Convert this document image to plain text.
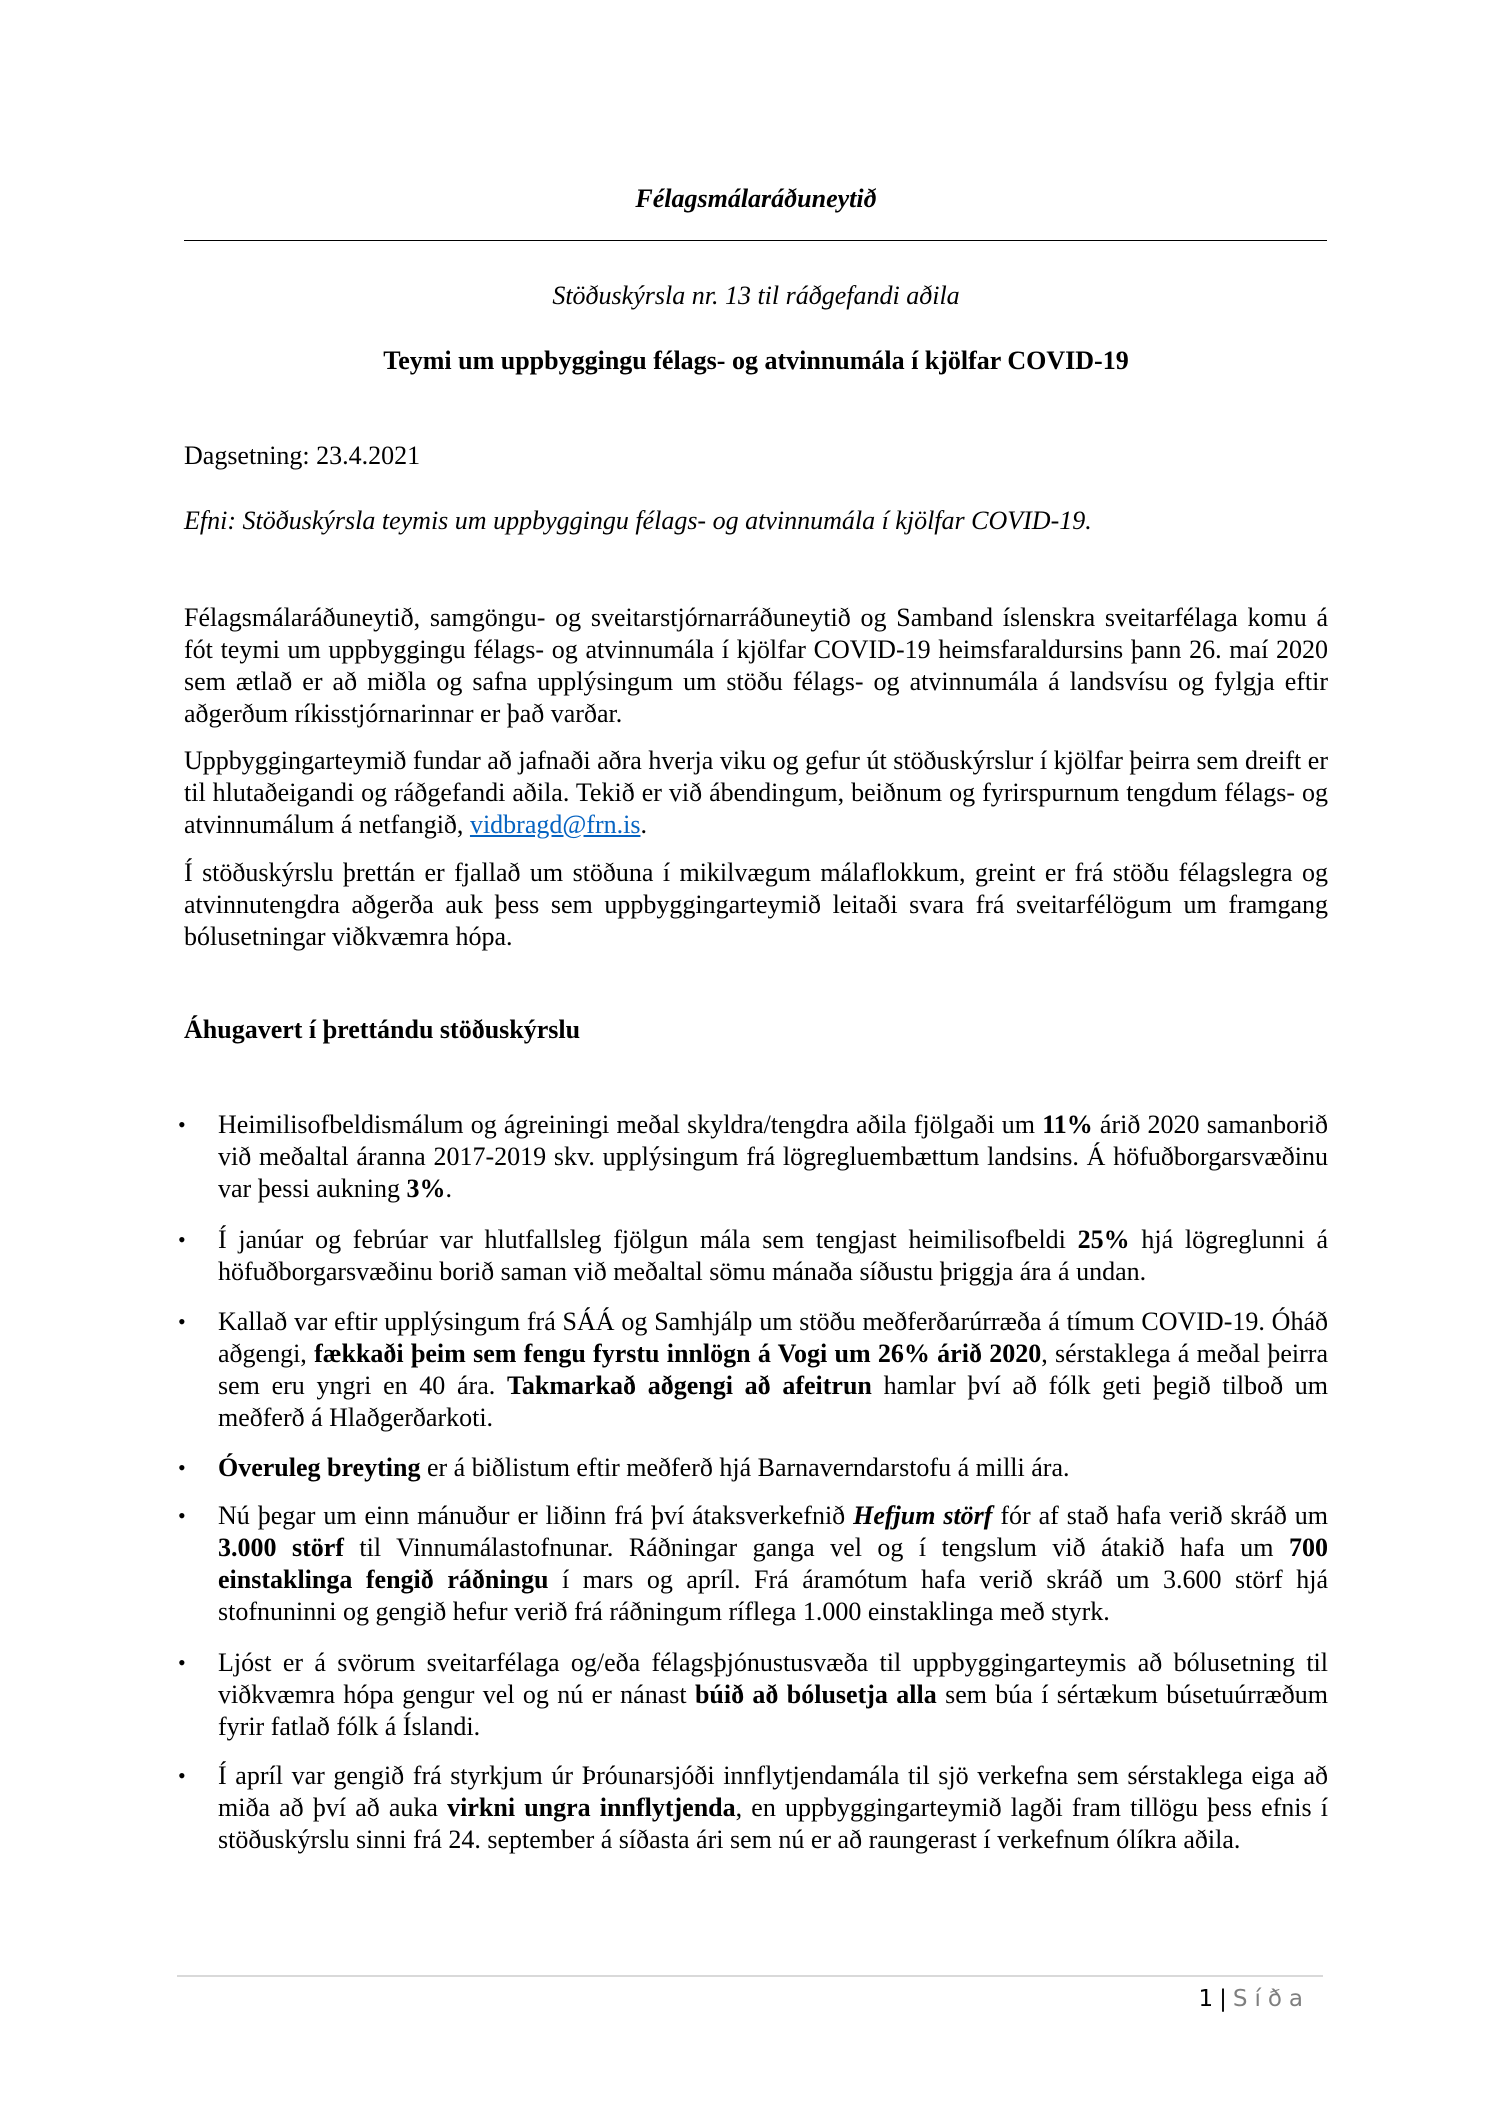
Félagsmálaráðuneytið
Stöðuskýrsla nr. 13 til ráðgefandi aðila
Teymi um uppbyggingu félags- og atvinnumála í kjölfar COVID-19
Dagsetning: 23.4.2021
Efni: Stöðuskýrsla teymis um uppbyggingu félags- og atvinnumála í kjölfar COVID-19.
Félagsmálaráðuneytið, samgöngu- og sveitarstjórnarráðuneytið og Samband íslenskra sveitarfélaga komu á fót teymi um uppbyggingu félags- og atvinnumála í kjölfar COVID-19 heimsfaraldursins þann 26. maí 2020 sem ætlað er að miðla og safna upplýsingum um stöðu félags- og atvinnumála á landsvísu og fylgja eftir aðgerðum ríkisstjórnarinnar er það varðar.
Uppbyggingarteymið fundar að jafnaði aðra hverja viku og gefur út stöðuskýrslur í kjölfar þeirra sem dreift er til hlutaðeigandi og ráðgefandi aðila. Tekið er við ábendingum, beiðnum og fyrirspurnum tengdum félags- og atvinnumálum á netfangið, vidbragd@frn.is.
Í stöðuskýrslu þrettán er fjallað um stöðuna í mikilvægum málaflokkum, greint er frá stöðu félagslegra og atvinnutengdra aðgerða auk þess sem uppbyggingarteymið leitaði svara frá sveitarfélögum um framgang bólusetningar viðkvæmra hópa.
Áhugavert í þrettándu stöðuskýrslu
• Heimilisofbeldismálum og ágreiningi meðal skyldra/tengdra aðila fjölgaði um 11% árið 2020 samanborið við meðaltal áranna 2017-2019 skv. upplýsingum frá lögregluembættum landsins. Á höfuðborgarsvæðinu var þessi aukning 3%.
• Í janúar og febrúar var hlutfallsleg fjölgun mála sem tengjast heimilisofbeldi 25% hjá lögreglunni á höfuðborgarsvæðinu borið saman við meðaltal sömu mánaða síðustu þriggja ára á undan.
• Kallað var eftir upplýsingum frá SÁÁ og Samhjálp um stöðu meðferðarúrræða á tímum COVID-19. Óháð aðgengi, fækkaði þeim sem fengu fyrstu innlögn á Vogi um 26% árið 2020, sérstaklega á meðal þeirra sem eru yngri en 40 ára. Takmarkað aðgengi að afeitrun hamlar því að fólk geti þegið tilboð um meðferð á Hlaðgerðarkoti.
• Óveruleg breyting er á biðlistum eftir meðferð hjá Barnaverndarstofu á milli ára.
• Nú þegar um einn mánuður er liðinn frá því átaksverkefnið Hefjum störf fór af stað hafa verið skráð um 3.000 störf til Vinnumálastofnunar. Ráðningar ganga vel og í tengslum við átakið hafa um 700 einstaklinga fengið ráðningu í mars og apríl. Frá áramótum hafa verið skráð um 3.600 störf hjá stofnuninni og gengið hefur verið frá ráðningum ríflega 1.000 einstaklinga með styrk.
• Ljóst er á svörum sveitarfélaga og/eða félagsþjónustusvæða til uppbyggingarteymis að bólusetning til viðkvæmra hópa gengur vel og nú er nánast búið að bólusetja alla sem búa í sértækum búsetuúrræðum fyrir fatlað fólk á Íslandi.
• Í apríl var gengið frá styrkjum úr Þróunarsjóði innflytjendamála til sjö verkefna sem sérstaklega eiga að miða að því að auka virkni ungra innflytjenda, en uppbyggingarteymið lagði fram tillögu þess efnis í stöðuskýrslu sinni frá 24. september á síðasta ári sem nú er að raungerast í verkefnum ólíkra aðila.
1 | Síða
